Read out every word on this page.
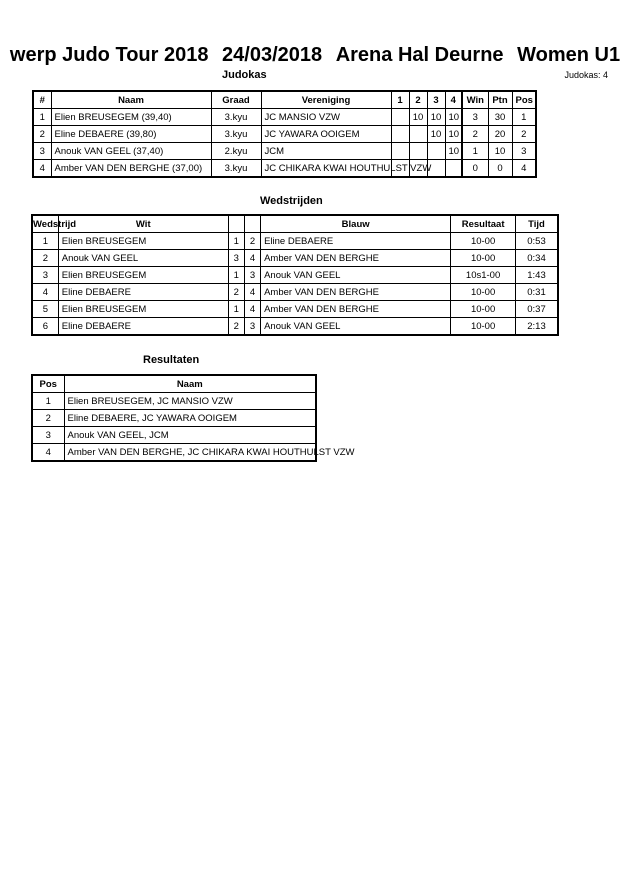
werp Judo Tour 2018 24/03/2018 Arena Hal Deurne Women U1
Judokas	Judokas: 4
#	Naam	Graad	Vereniging	1	2	3	4	Win	Ptn	Pos
1	Elien BREUSEGEM (39,40)	3.kyu	JC MANSIO VZW		10	10	10	3	30	1
2	Eline DEBAERE (39,80)	3.kyu	JC YAWARA OOIGEM			10	10	2	20	2
3	Anouk VAN GEEL (37,40)	2.kyu	JCM				10	1	10	3
4	Amber VAN DEN BERGHE (37,00)	3.kyu	JC CHIKARA KWAI HOUTHULST VZW					0	0	4
Wedstrijden
Wedstrijd	Wit			Blauw	Resultaat	Tijd
1	Elien BREUSEGEM	1	2	Eline DEBAERE	10-00	0:53
2	Anouk VAN GEEL	3	4	Amber VAN DEN BERGHE	10-00	0:34
3	Elien BREUSEGEM	1	3	Anouk VAN GEEL	10s1-00	1:43
4	Eline DEBAERE	2	4	Amber VAN DEN BERGHE	10-00	0:31
5	Elien BREUSEGEM	1	4	Amber VAN DEN BERGHE	10-00	0:37
6	Eline DEBAERE	2	3	Anouk VAN GEEL	10-00	2:13
Resultaten
Pos	Naam
1	Elien BREUSEGEM, JC MANSIO VZW
2	Eline DEBAERE, JC YAWARA OOIGEM
3	Anouk VAN GEEL, JCM
4	Amber VAN DEN BERGHE, JC CHIKARA KWAI HOUTHULST VZW
